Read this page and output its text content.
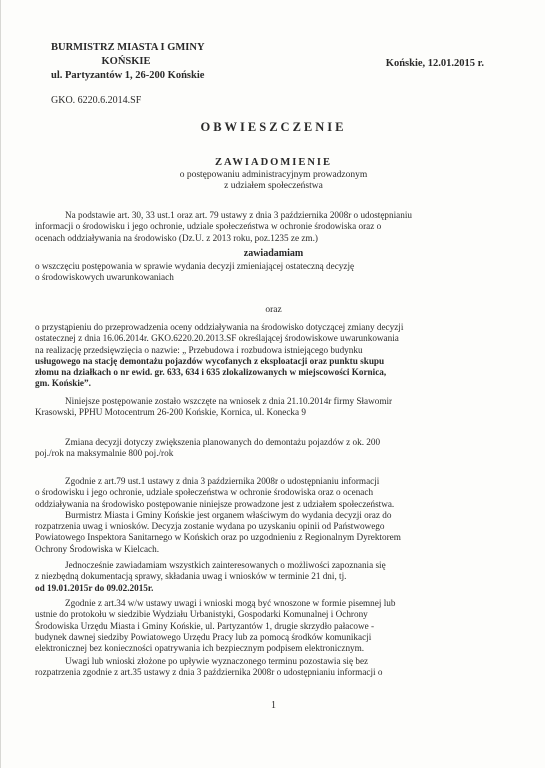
BURMISTRZ MIASTA I GMINY
KOŃSKIE
ul. Partyzantów 1, 26-200 Końskie
Końskie, 12.01.2015 r.
GKO. 6220.6.2014.SF
OBWIESZCZENIE
ZAWIADOMIENIE
o postępowaniu administracyjnym prowadzonym
z udziałem społeczeństwa
Na podstawie art. 30, 33 ust.1 oraz art. 79 ustawy z dnia 3 października 2008r o udostępnianiu
informacji o środowisku i jego ochronie, udziale społeczeństwa w ochronie środowiska oraz o
ocenach oddziaływania na środowisko (Dz.U. z 2013 roku, poz.1235 ze zm.)
zawiadamiam
o wszczęciu postępowania w sprawie wydania decyzji zmieniającej ostateczną decyzję
o środowiskowych uwarunkowaniach
oraz
o przystąpieniu do przeprowadzenia oceny oddziaływania na środowisko dotyczącej zmiany decyzji
ostatecznej z dnia 16.06.2014r. GKO.6220.20.2013.SF określającej środowiskowe uwarunkowania
na realizację przedsięwzięcia o nazwie: „ Przebudowa i rozbudowa istniejącego budynku
usługowego na stację demontażu pojazdów wycofanych z eksploatacji oraz punktu skupu
złomu na działkach o nr ewid. gr. 633, 634 i 635 zlokalizowanych w miejscowości Kornica,
gm. Końskie”.
Niniejsze postępowanie zostało wszczęte na wniosek z dnia 21.10.2014r firmy Sławomir
Krasowski, PPHU Motocentrum 26-200 Końskie, Kornica, ul. Konecka 9
Zmiana decyzji dotyczy zwiększenia planowanych do demontażu pojazdów z ok. 200
poj./rok na maksymalnie 800 poj./rok
Zgodnie z art.79 ust.1 ustawy z dnia 3 października 2008r o udostępnianiu informacji
o środowisku i jego ochronie, udziale społeczeństwa w ochronie środowiska oraz o ocenach
oddziaływania na środowisko postępowanie niniejsze prowadzone jest z udziałem społeczeństwa.
Burmistrz Miasta i Gminy Końskie jest organem właściwym do wydania decyzji oraz do
rozpatrzenia uwag i wniosków. Decyzja zostanie wydana po uzyskaniu opinii od Państwowego
Powiatowego Inspektora Sanitarnego w Końskich oraz po uzgodnieniu z Regionalnym Dyrektorem
Ochrony Środowiska w Kielcach.
Jednocześnie zawiadamiam wszystkich zainteresowanych o możliwości zapoznania się
z niezbędną dokumentacją sprawy, składania uwag i wniosków w terminie 21 dni, tj.
od 19.01.2015r do 09.02.2015r.
Zgodnie z art.34 w/w ustawy uwagi i wnioski mogą być wnoszone w formie pisemnej lub
ustnie do protokołu w siedzibie Wydziału Urbanistyki, Gospodarki Komunalnej i Ochrony
Środowiska Urzędu Miasta i Gminy Końskie, ul. Partyzantów 1, drugie skrzydło pałacowe -
budynek dawnej siedziby Powiatowego Urzędu Pracy lub za pomocą środków komunikacji
elektronicznej bez konieczności opatrywania ich bezpiecznym podpisem elektronicznym.
Uwagi lub wnioski złożone po upływie wyznaczonego terminu pozostawia się bez
rozpatrzenia zgodnie z art.35 ustawy z dnia 3 października 2008r o udostępnianiu informacji o
1
